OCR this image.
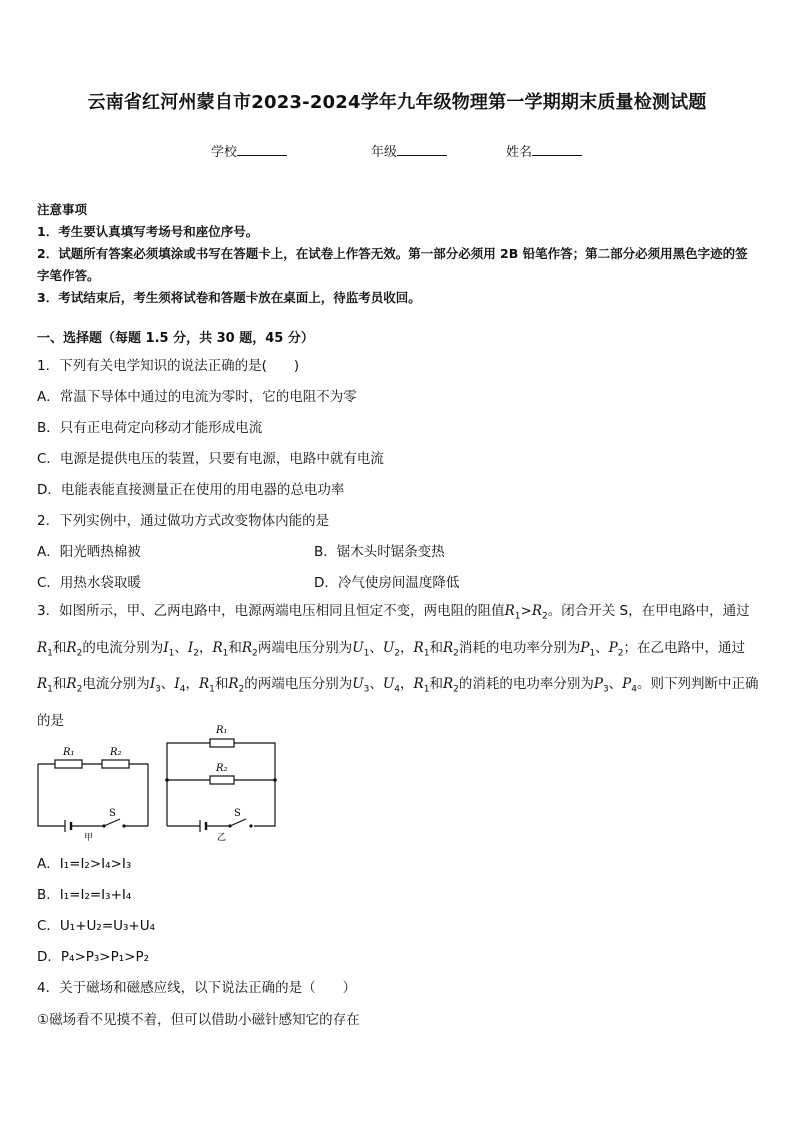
云南省红河州蒙自市2023-2024学年九年级物理第一学期期末质量检测试题
学校	年级	姓名
注意事项
1．考生要认真填写考场号和座位序号。
2．试题所有答案必须填涂或书写在答题卡上，在试卷上作答无效。第一部分必须用 2B 铅笔作答；第二部分必须用黑色字迹的签字笔作答。
3．考试结束后，考生须将试卷和答题卡放在桌面上，待监考员收回。
一、选择题（每题 1.5 分，共 30 题，45 分）
1．下列有关电学知识的说法正确的是(　　)
A．常温下导体中通过的电流为零时，它的电阻不为零
B．只有正电荷定向移动才能形成电流
C．电源是提供电压的装置，只要有电源，电路中就有电流
D．电能表能直接测量正在使用的用电器的总电功率
2．下列实例中，通过做功方式改变物体内能的是
A．阳光晒热棉被	B．锯木头时锯条变热
C．用热水袋取暖	D．冷气使房间温度降低
3．如图所示，甲、乙两电路中，电源两端电压相同且恒定不变，两电阻的阻值$R_1>R_2$。闭合开关 S，在甲电路中，通过$R_1$和$R_2$的电流分别为$I_1$、$I_2$，$R_1$和$R_2$两端电压分别为$U_1$、$U_2$，$R_1$和$R_2$消耗的电功率分别为$P_1$、$P_2$；在乙电路中，通过$R_1$和$R_2$电流分别为$I_3$、$I_4$，$R_1$和$R_2$的两端电压分别为$U_3$、$U_4$，$R_1$和$R_2$的消耗的电功率分别为$P_3$、$P_4$。则下列判断中正确的是
R₁	R₂
S
甲
R₁
R₂
S
乙
A．I₁=I₂>I₄>I₃
B．I₁=I₂=I₃+I₄
C．U₁+U₂=U₃+U₄
D．P₄>P₃>P₁>P₂
4．关于磁场和磁感应线，以下说法正确的是（　　）
①磁场看不见摸不着，但可以借助小磁针感知它的存在
